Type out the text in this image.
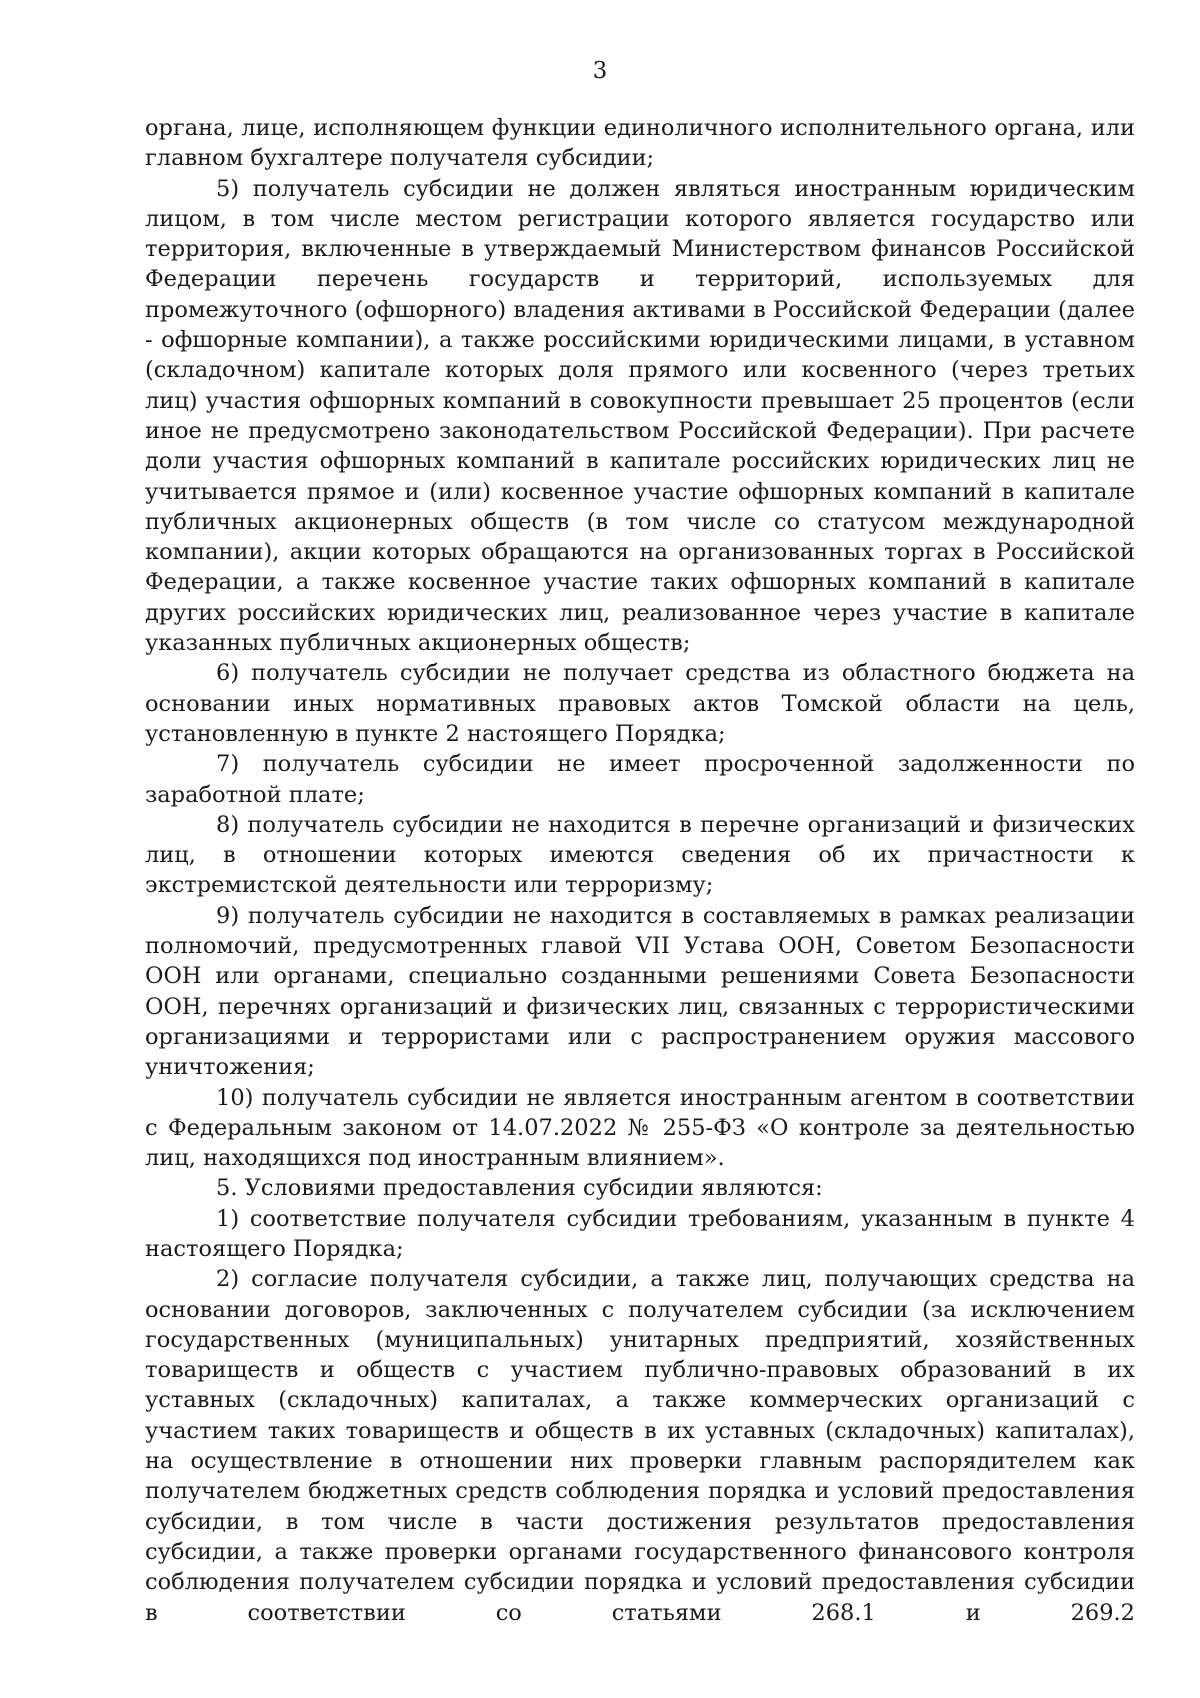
3

органа, лице, исполняющем функции единоличного исполнительного органа, или главном бухгалтере получателя субсидии;

5) получатель субсидии не должен являться иностранным юридическим лицом, в том числе местом регистрации которого является государство или территория, включенные в утверждаемый Министерством финансов Российской Федерации перечень государств и территорий, используемых для промежуточного (офшорного) владения активами в Российской Федерации (далее - офшорные компании), а также российскими юридическими лицами, в уставном (складочном) капитале которых доля прямого или косвенного (через третьих лиц) участия офшорных компаний в совокупности превышает 25 процентов (если иное не предусмотрено законодательством Российской Федерации). При расчете доли участия офшорных компаний в капитале российских юридических лиц не учитывается прямое и (или) косвенное участие офшорных компаний в капитале публичных акционерных обществ (в том числе со статусом международной компании), акции которых обращаются на организованных торгах в Российской Федерации, а также косвенное участие таких офшорных компаний в капитале других российских юридических лиц, реализованное через участие в капитале указанных публичных акционерных обществ;

6) получатель субсидии не получает средства из областного бюджета на основании иных нормативных правовых актов Томской области на цель, установленную в пункте 2 настоящего Порядка;

7) получатель субсидии не имеет просроченной задолженности по заработной плате;

8) получатель субсидии не находится в перечне организаций и физических лиц, в отношении которых имеются сведения об их причастности к экстремистской деятельности или терроризму;

9) получатель субсидии не находится в составляемых в рамках реализации полномочий, предусмотренных главой VII Устава ООН, Советом Безопасности ООН или органами, специально созданными решениями Совета Безопасности ООН, перечнях организаций и физических лиц, связанных с террористическими организациями и террористами или с распространением оружия массового уничтожения;

10) получатель субсидии не является иностранным агентом в соответствии с Федеральным законом от 14.07.2022 № 255-ФЗ «О контроле за деятельностью лиц, находящихся под иностранным влиянием».

5. Условиями предоставления субсидии являются:

1) соответствие получателя субсидии требованиям, указанным в пункте 4 настоящего Порядка;

2) согласие получателя субсидии, а также лиц, получающих средства на основании договоров, заключенных с получателем субсидии (за исключением государственных (муниципальных) унитарных предприятий, хозяйственных товариществ и обществ с участием публично-правовых образований в их уставных (складочных) капиталах, а также коммерческих организаций с участием таких товариществ и обществ в их уставных (складочных) капиталах), на осуществление в отношении них проверки главным распорядителем как получателем бюджетных средств соблюдения порядка и условий предоставления субсидии, в том числе в части достижения результатов предоставления субсидии, а также проверки органами государственного финансового контроля соблюдения получателем субсидии порядка и условий предоставления субсидии в соответствии со статьями 268.1 и 269.2
